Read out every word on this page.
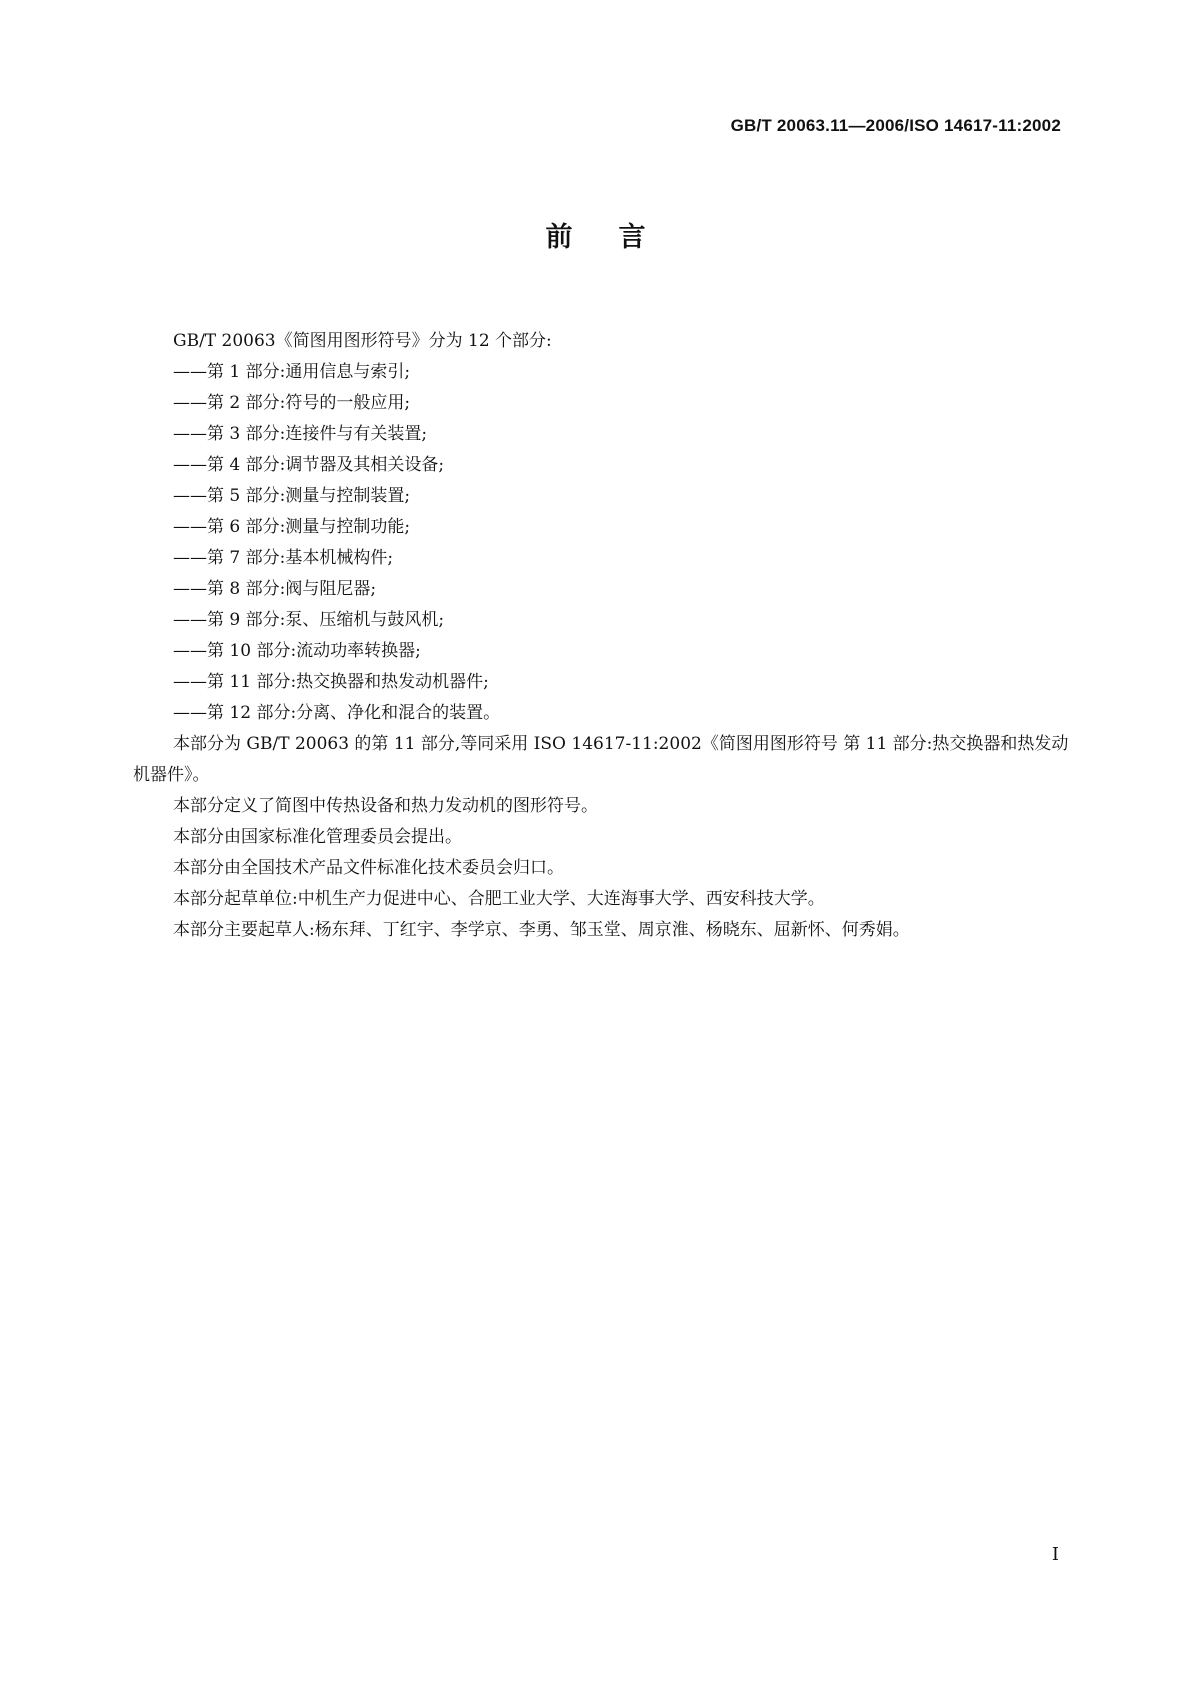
GB/T 20063.11—2006/ISO 14617-11:2002
前言

GB/T 20063《简图用图形符号》分为 12 个部分:

——第 1 部分:通用信息与索引;

——第 2 部分:符号的一般应用;

——第 3 部分:连接件与有关装置;

——第 4 部分:调节器及其相关设备;

——第 5 部分:测量与控制装置;

——第 6 部分:测量与控制功能;

——第 7 部分:基本机械构件;

——第 8 部分:阀与阻尼器;

——第 9 部分:泵、压缩机与鼓风机;

——第 10 部分:流动功率转换器;

——第 11 部分:热交换器和热发动机器件;

——第 12 部分:分离、净化和混合的装置。

本部分为 GB/T 20063 的第 11 部分,等同采用 ISO 14617-11:2002《简图用图形符号 第 11 部分:热交换器和热发动机器件》。

本部分定义了简图中传热设备和热力发动机的图形符号。

本部分由国家标准化管理委员会提出。

本部分由全国技术产品文件标准化技术委员会归口。

本部分起草单位:中机生产力促进中心、合肥工业大学、大连海事大学、西安科技大学。

本部分主要起草人:杨东拜、丁红宇、李学京、李勇、邹玉堂、周京淮、杨晓东、屈新怀、何秀娟。

I
